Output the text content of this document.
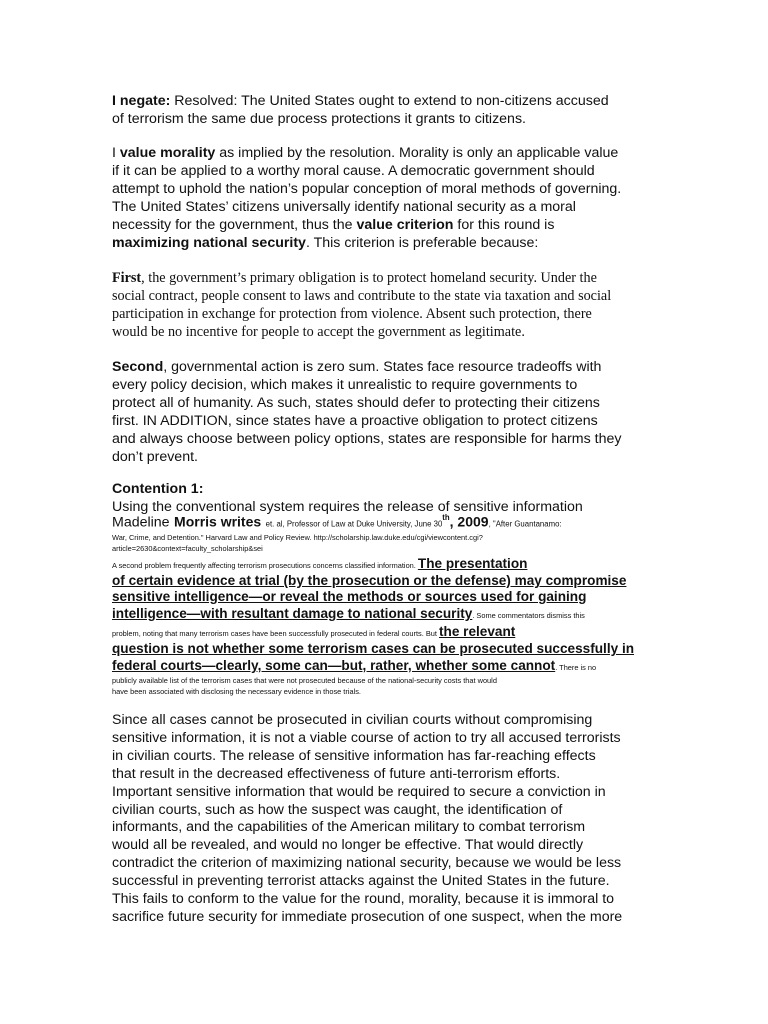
I negate: Resolved: The United States ought to extend to non-citizens accused
of terrorism the same due process protections it grants to citizens.
I value morality as implied by the resolution. Morality is only an applicable value
if it can be applied to a worthy moral cause. A democratic government should
attempt to uphold the nation’s popular conception of moral methods of governing.
The United States’ citizens universally identify national security as a moral
necessity for the government, thus the value criterion for this round is
maximizing national security. This criterion is preferable because:
First, the government’s primary obligation is to protect homeland security. Under the
social contract, people consent to laws and contribute to the state via taxation and social
participation in exchange for protection from violence. Absent such protection, there
would be no incentive for people to accept the government as legitimate.
Second, governmental action is zero sum. States face resource tradeoffs with
every policy decision, which makes it unrealistic to require governments to
protect all of humanity. As such, states should defer to protecting their citizens
first. IN ADDITION, since states have a proactive obligation to protect citizens
and always choose between policy options, states are responsible for harms they
don’t prevent.
Contention 1:
Using the conventional system requires the release of sensitive information
Madeline Morris writes et. al, Professor of Law at Duke University, June 30th, 2009, "After Guantanamo:
War, Crime, and Detention." Harvard Law and Policy Review. http://scholarship.law.duke.edu/cgi/viewcontent.cgi?
article=2630&context=faculty_scholarship&sei
A second problem frequently affecting terrorism prosecutions concerns classified information. The presentation
of certain evidence at trial (by the prosecution or the defense) may compromise
sensitive intelligence—or reveal the methods or sources used for gaining
intelligence—with resultant damage to national security. Some commentators dismiss this
problem, noting that many terrorism cases have been successfully prosecuted in federal courts. But the relevant
question is not whether some terrorism cases can be prosecuted successfully in
federal courts—clearly, some can—but, rather, whether some cannot. There is no
publicly available list of the terrorism cases that were not prosecuted because of the national-security costs that would
have been associated with disclosing the necessary evidence in those trials.
Since all cases cannot be prosecuted in civilian courts without compromising
sensitive information, it is not a viable course of action to try all accused terrorists
in civilian courts. The release of sensitive information has far-reaching effects
that result in the decreased effectiveness of future anti-terrorism efforts.
Important sensitive information that would be required to secure a conviction in
civilian courts, such as how the suspect was caught, the identification of
informants, and the capabilities of the American military to combat terrorism
would all be revealed, and would no longer be effective. That would directly
contradict the criterion of maximizing national security, because we would be less
successful in preventing terrorist attacks against the United States in the future.
This fails to conform to the value for the round, morality, because it is immoral to
sacrifice future security for immediate prosecution of one suspect, when the more
